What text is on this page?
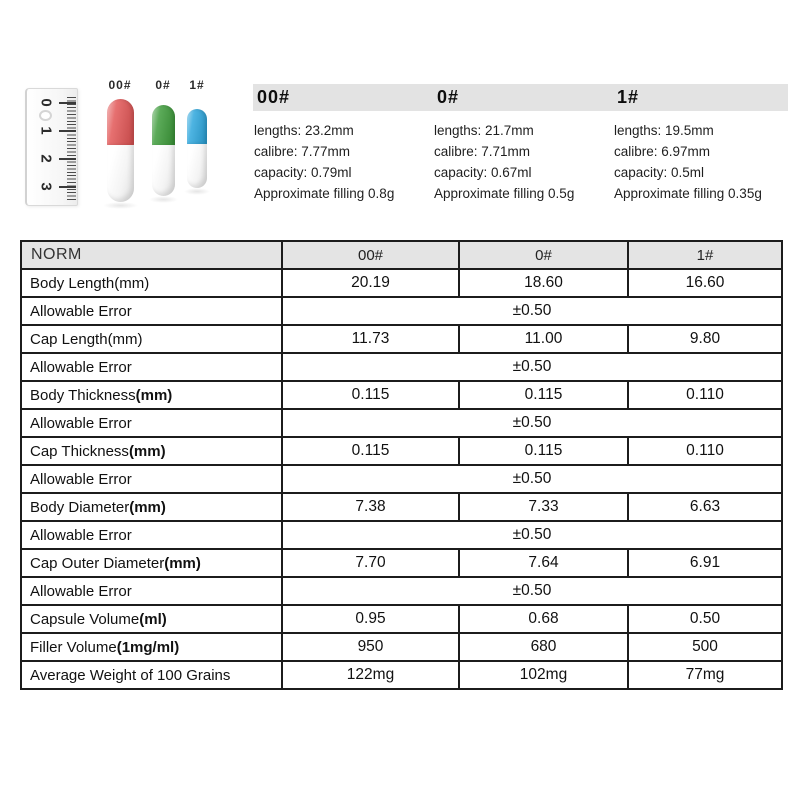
0
1
2
3
00#	0#	1#
00#
lengths: 23.2mm
calibre: 7.77mm
capacity: 0.79ml
Approximate filling 0.8g
0#
lengths: 21.7mm
calibre: 7.71mm
capacity: 0.67ml
Approximate filling 0.5g
1#
lengths: 19.5mm
calibre: 6.97mm
capacity: 0.5ml
Approximate filling 0.35g
NORM	00#	0#	1#
Body Length(mm)	20.19	18.60	16.60
Allowable Error	±0.50		
Cap Length(mm)	11.73	11.00	9.80
Allowable Error	±0.50		
Body Thickness(mm)	0.115	0.115	0.110
Allowable Error	±0.50		
Cap Thickness(mm)	0.115	0.115	0.110
Allowable Error	±0.50		
Body Diameter(mm)	7.38	7.33	6.63
Allowable Error	±0.50		
Cap Outer Diameter(mm)	7.70	7.64	6.91
Allowable Error	±0.50		
Capsule Volume(ml)	0.95	0.68	0.50
Filler Volume(1mg/ml)	950	680	500
Average Weight of 100 Grains	122mg	102mg	77mg
